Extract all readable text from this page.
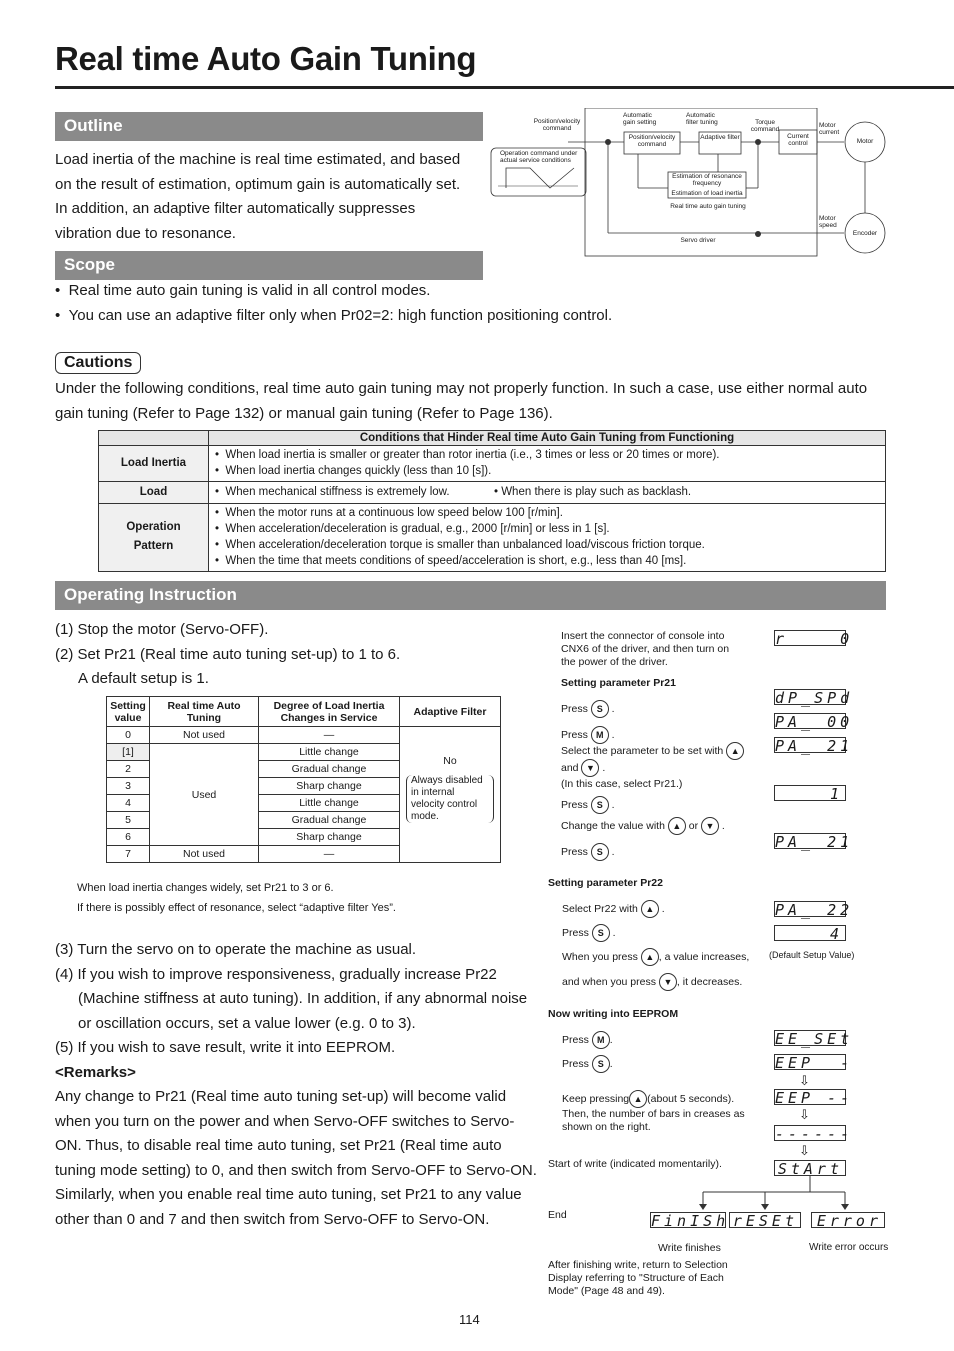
Real time Auto Gain Tuning
Outline
Load inertia of the machine is real time estimated, and based on the result of estimation, optimum gain is automatically set. In addition, an adaptive filter automatically suppresses vibration due to resonance.
Position/velocity command
Automatic gain setting
Automatic filter tuning	Torque command
Motor current
Motor speed
Position/velocity command
Adaptive filter	Current control	Motor
Encoder
Operation command under actual service conditions
Estimation of resonance frequency
Estimation of load inertia
Real time auto gain tuning
Servo driver
Scope
•  Real time auto gain tuning is valid in all control modes.
•  You can use an adaptive filter only when Pr02=2: high function positioning control.
Cautions
Under the following conditions, real time auto gain tuning may not properly function. In such a case, use either normal auto gain tuning (Refer to Page 132) or manual gain tuning (Refer to Page 136).
	Conditions that Hinder Real time Auto Gain Tuning from Functioning
Load Inertia	•  When load inertia is smaller or greater than rotor inertia (i.e., 3 times or less or 20 times or more).
•  When load inertia changes quickly (less than 10 [s]).

Load	•  When mechanical stiffness is extremely low. • When there is play such as backlash.
Operation Pattern	•  When the motor runs at a continuous low speed below 100 [r/min].
•  When acceleration/deceleration is gradual, e.g., 2000 [r/min] or less in 1 [s].
•  When acceleration/deceleration torque is smaller than unbalanced load/viscous friction torque.
•  When the time that meets conditions of speed/acceleration is short, e.g., less than 40 [ms].
Operating Instruction
(1) Stop the motor (Servo-OFF).
(2) Set Pr21 (Real time auto tuning set-up) to 1 to 6.
A default setup is 1.
Setting value	Real time Auto Tuning	Degree of Load Inertia Changes in Service	Adaptive Filter
0	Not used	—	No
Always disabled in internal velocity control mode.

[1]	Used	Little change	
2		Gradual change	
3		Sharp change	
4		Little change	
5		Gradual change	
6		Sharp change	
7	Not used	—	
When load inertia changes widely, set Pr21 to 3 or 6.
If there is possibly effect of resonance, select “adaptive filter Yes”.
(3) Turn the servo on to operate the machine as usual.
(4) If you wish to improve responsiveness, gradually increase Pr22 (Machine stiffness at auto tuning). In addition, if any abnormal noise or oscillation occurs, set a value lower (e.g. 0 to 3).
(5) If you wish to save result, write it into EEPROM.
<Remarks>
Any change to Pr21 (Real time auto tuning set-up) will become valid when you turn on the power and when Servo-OFF switches to Servo-ON. Thus, to disable real time auto tuning, set Pr21 (Real time auto tuning mode setting) to 0, and then switch from Servo-OFF to Servo-ON. Similarly, when you enable real time auto tuning, set Pr21 to any value other than 0 and 7 and then switch from Servo-OFF to Servo-ON.
Insert the connector of console into CNX6 of the driver, and then turn on the power of the driver.
r    0
Setting parameter Pr21
dP_SPd
Press S .
PA_ 00
Press M .
PA_ 21
Select the parameter to be set with ▲
and ▼ .
(In this case, select Pr21.)
Press S .
1
Change the value with ▲ or ▼ .
Press S .
PA_ 21
Setting parameter Pr22
Select Pr22 with ▲ .	PA_ 22
Press S .	4
When you press ▲ , a value increases, (Default Setup Value)
and when you press ▼ , it decreases.
Now writing into EEPROM
Press M .	EE_SEt
Press S .	EEP  -
⇩
Keep pressing ▲ (about 5 seconds). Then, the number of bars in creases as shown on the right.
EEP --
⇩
------
⇩
Start of write (indicated momentarily).	StArt
End	FinISh rESEt	Error
Write finishes	Write error occurs
After finishing write, return to Selection Display referring to "Structure of Each Mode" (Page 48 and 49).
114
